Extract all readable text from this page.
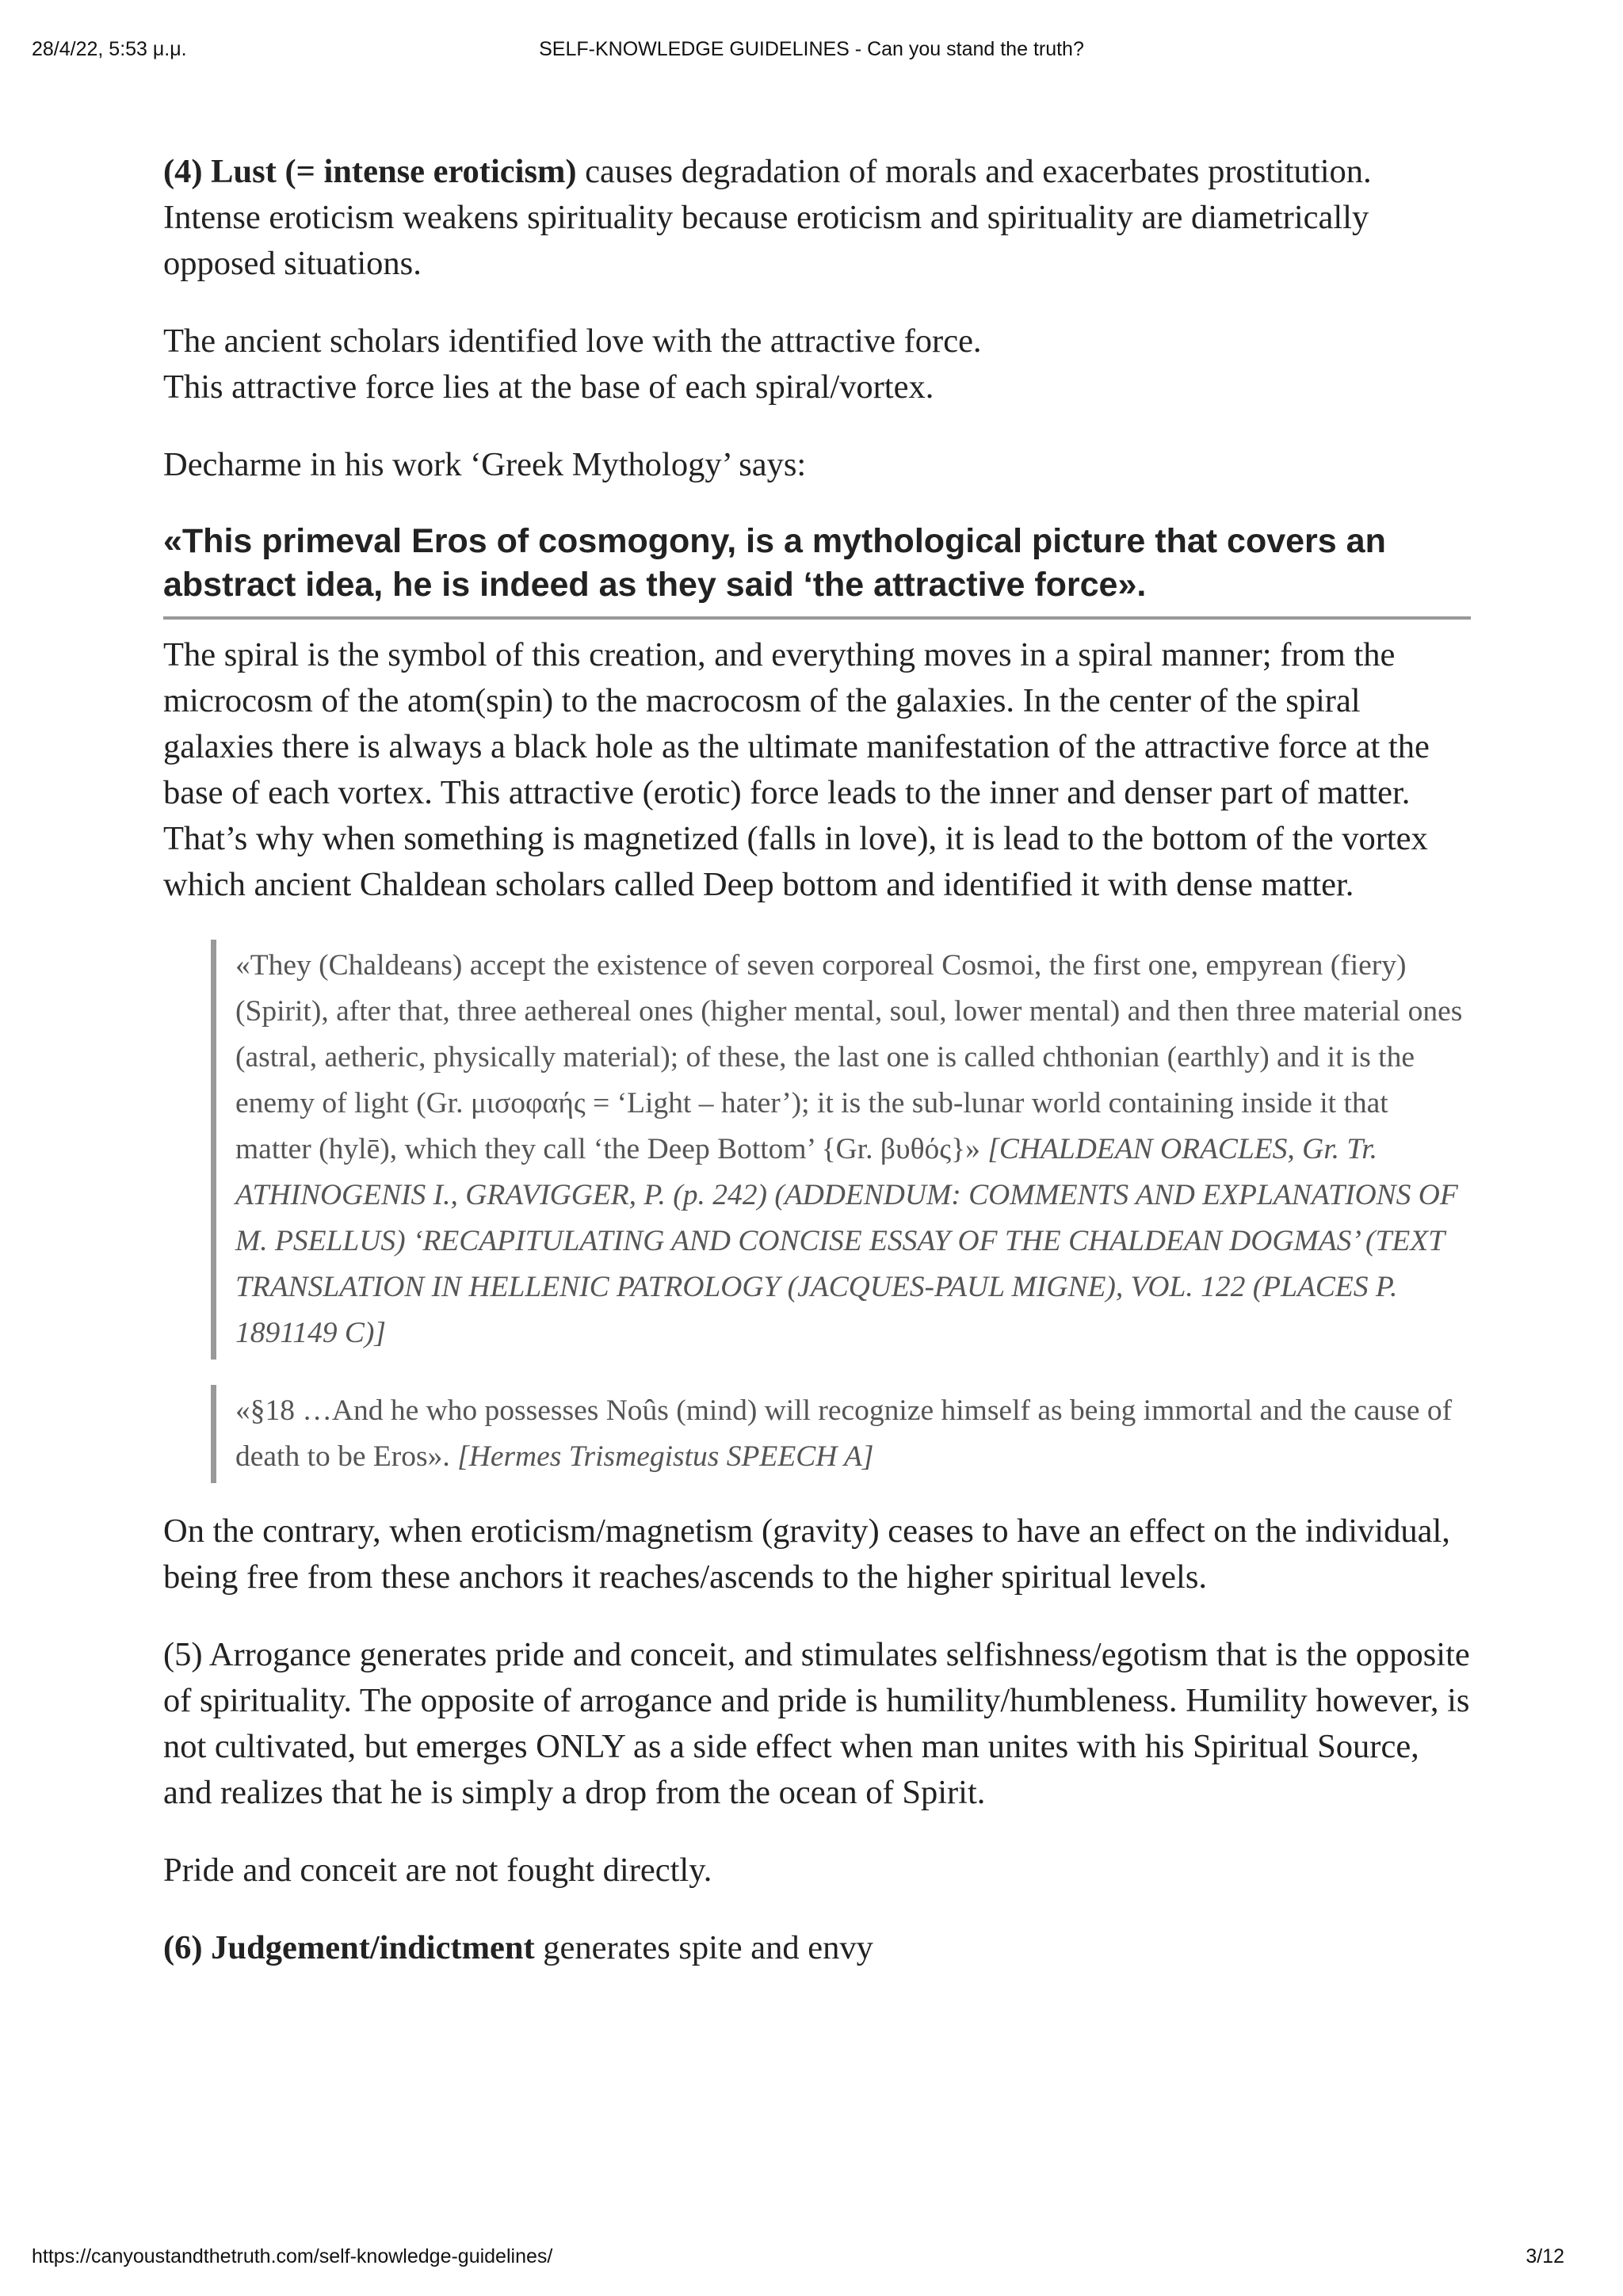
28/4/22, 5:53 μ.μ.	SELF-KNOWLEDGE GUIDELINES - Can you stand the truth?

(4) Lust (= intense eroticism) causes degradation of morals and exacerbates prostitution. Intense eroticism weakens spirituality because eroticism and spirituality are diametrically opposed situations.

The ancient scholars identified love with the attractive force.
This attractive force lies at the base of each spiral/vortex.

Decharme in his work ‘Greek Mythology’ says:

«This primeval Eros of cosmogony, is a mythological picture that covers an abstract idea, he is indeed as they said ‘the attractive force».

The spiral is the symbol of this creation, and everything moves in a spiral manner; from the microcosm of the atom(spin) to the macrocosm of the galaxies. In the center of the spiral galaxies there is always a black hole as the ultimate manifestation of the attractive force at the base of each vortex. This attractive (erotic) force leads to the inner and denser part of matter. That’s why when something is magnetized (falls in love), it is lead to the bottom of the vortex which ancient Chaldean scholars called Deep bottom and identified it with dense matter.

«They (Chaldeans) accept the existence of seven corporeal Cosmoi, the first one, empyrean (fiery) (Spirit), after that, three aethereal ones (higher mental, soul, lower mental) and then three material ones (astral, aetheric, physically material); of these, the last one is called chthonian (earthly) and it is the enemy of light (Gr. μισοφαής = ‘Light – hater’); it is the sub-lunar world containing inside it that matter (hylē), which they call ‘the Deep Bottom’ {Gr. βυθός}» [CHALDEAN ORACLES, Gr. Tr. ATHINOGENIS I., GRAVIGGER, P. (p. 242) (ADDENDUM: COMMENTS AND EXPLANATIONS OF M. PSELLUS) ‘RECAPITULATING AND CONCISE ESSAY OF THE CHALDEAN DOGMAS’ (TEXT TRANSLATION IN HELLENIC PATROLOGY (JACQUES-PAUL MIGNE), VOL. 122 (PLACES P. 1891149 C)]
«§18 …And he who possesses Noûs (mind) will recognize himself as being immortal and the cause of death to be Eros». [Hermes Trismegistus SPEECH A]

On the contrary, when eroticism/magnetism (gravity) ceases to have an effect on the individual, being free from these anchors it reaches/ascends to the higher spiritual levels.

(5) Arrogance generates pride and conceit, and stimulates selfishness/egotism that is the opposite of spirituality. The opposite of arrogance and pride is humility/humbleness. Humility however, is not cultivated, but emerges ONLY as a side effect when man unites with his Spiritual Source, and realizes that he is simply a drop from the ocean of Spirit.

Pride and conceit are not fought directly.

(6) Judgement/indictment generates spite and envy

https://canyoustandthetruth.com/self-knowledge-guidelines/	3/12
